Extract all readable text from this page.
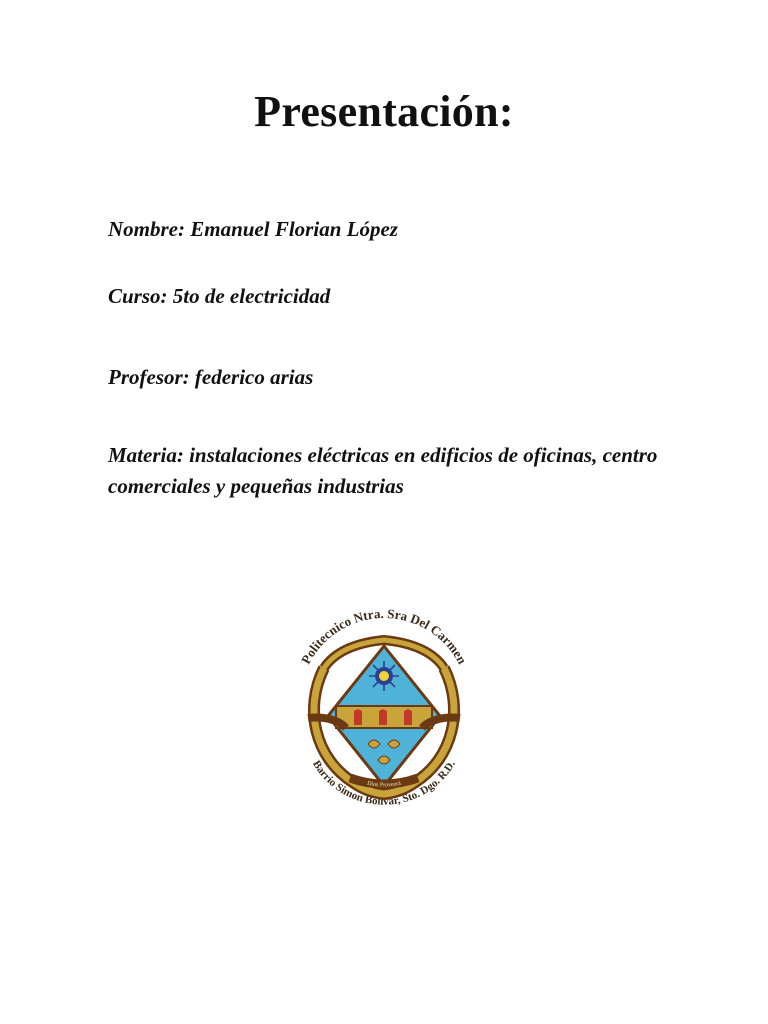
Presentación:

Nombre: Emanuel Florian López

Curso: 5to de electricidad

Profesor: federico arias

Materia: instalaciones eléctricas en edificios de oficinas, centro comerciales y pequeñas industrias

Politecnico Ntra. Sra Del Carmen
Barrio Simon Bolivar, Sto. Dgo. R.D.
Dios Proveerá
